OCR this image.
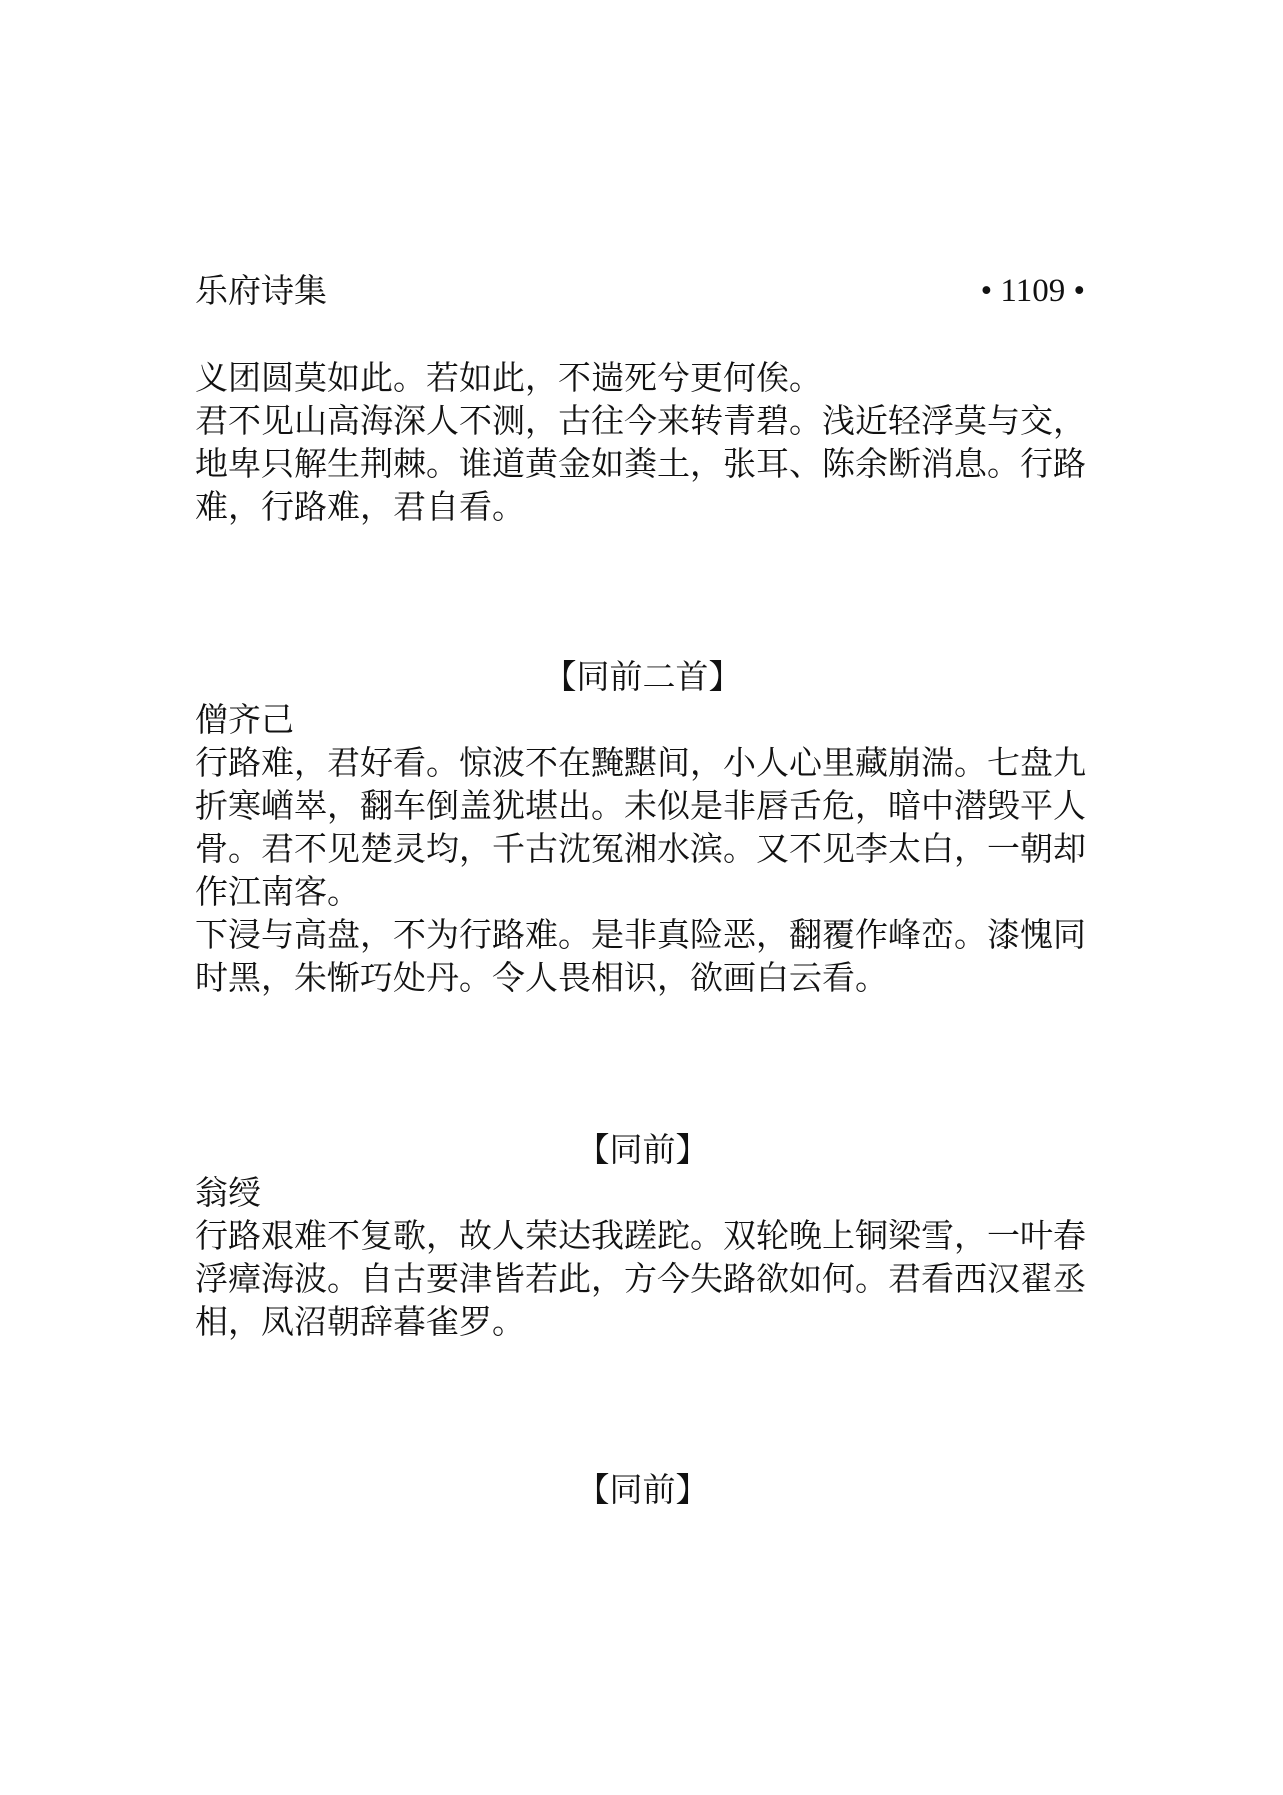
乐府诗集	• 1109 •

义团圆莫如此。若如此，不遄死兮更何俟。

君不见山高海深人不测，古往今来转青碧。浅近轻浮莫与交，地卑只解生荆棘。谁道黄金如粪土，张耳、陈余断消息。行路难，行路难，君自看。

【同前二首】

僧齐己

行路难，君好看。惊波不在黤黮间，小人心里藏崩湍。七盘九折寒崷崒，翻车倒盖犹堪出。未似是非唇舌危，暗中潜毁平人骨。君不见楚灵均，千古沈冤湘水滨。又不见李太白，一朝却作江南客。

下浸与高盘，不为行路难。是非真险恶，翻覆作峰峦。漆愧同时黑，朱惭巧处丹。令人畏相识，欲画白云看。

【同前】

翁绶

行路艰难不复歌，故人荣达我蹉跎。双轮晚上铜梁雪，一叶春浮瘴海波。自古要津皆若此，方今失路欲如何。君看西汉翟丞相，凤沼朝辞暮雀罗。

【同前】
